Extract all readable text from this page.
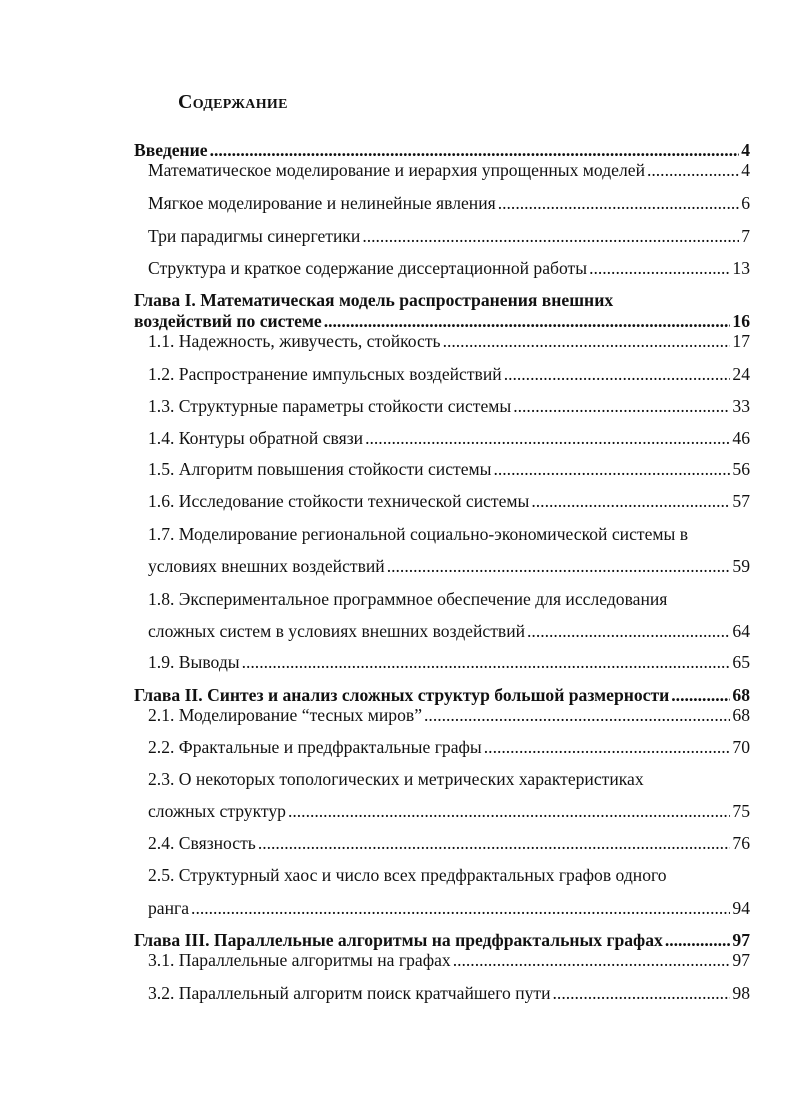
Содержание
Введение .....	4
Математическое моделирование и иерархия упрощенных моделей .....	4
Мягкое моделирование и нелинейные явления .....	6
Три парадигмы синергетики .....	7
Структура и краткое содержание диссертационной работы .....	13
Глава I. Математическая модель распространения внешних
воздействий по системе .....	16
1.1. Надежность, живучесть, стойкость .....	17
1.2. Распространение импульсных воздействий .....	24
1.3. Структурные параметры стойкости системы .....	33
1.4. Контуры обратной связи .....	46
1.5. Алгоритм повышения стойкости системы .....	56
1.6. Исследование стойкости технической системы .....	57
1.7. Моделирование региональной социально-экономической системы в
условиях внешних воздействий .....	59
1.8. Экспериментальное программное обеспечение для исследования
сложных систем в условиях внешних воздействий .....	64
1.9. Выводы .....	65
Глава II. Синтез и анализ сложных структур большой размерности .....	68
2.1. Моделирование “тесных миров” .....	68
2.2. Фрактальные и предфрактальные графы .....	70
2.3. О некоторых топологических и метрических характеристиках
сложных структур .....	75
2.4. Связность .....	76
2.5. Структурный хаос и число всех предфрактальных графов одного
ранга .....	94
Глава III. Параллельные алгоритмы на предфрактальных графах .....	97
3.1. Параллельные алгоритмы на графах .....	97
3.2. Параллельный алгоритм поиск кратчайшего пути .....	98
